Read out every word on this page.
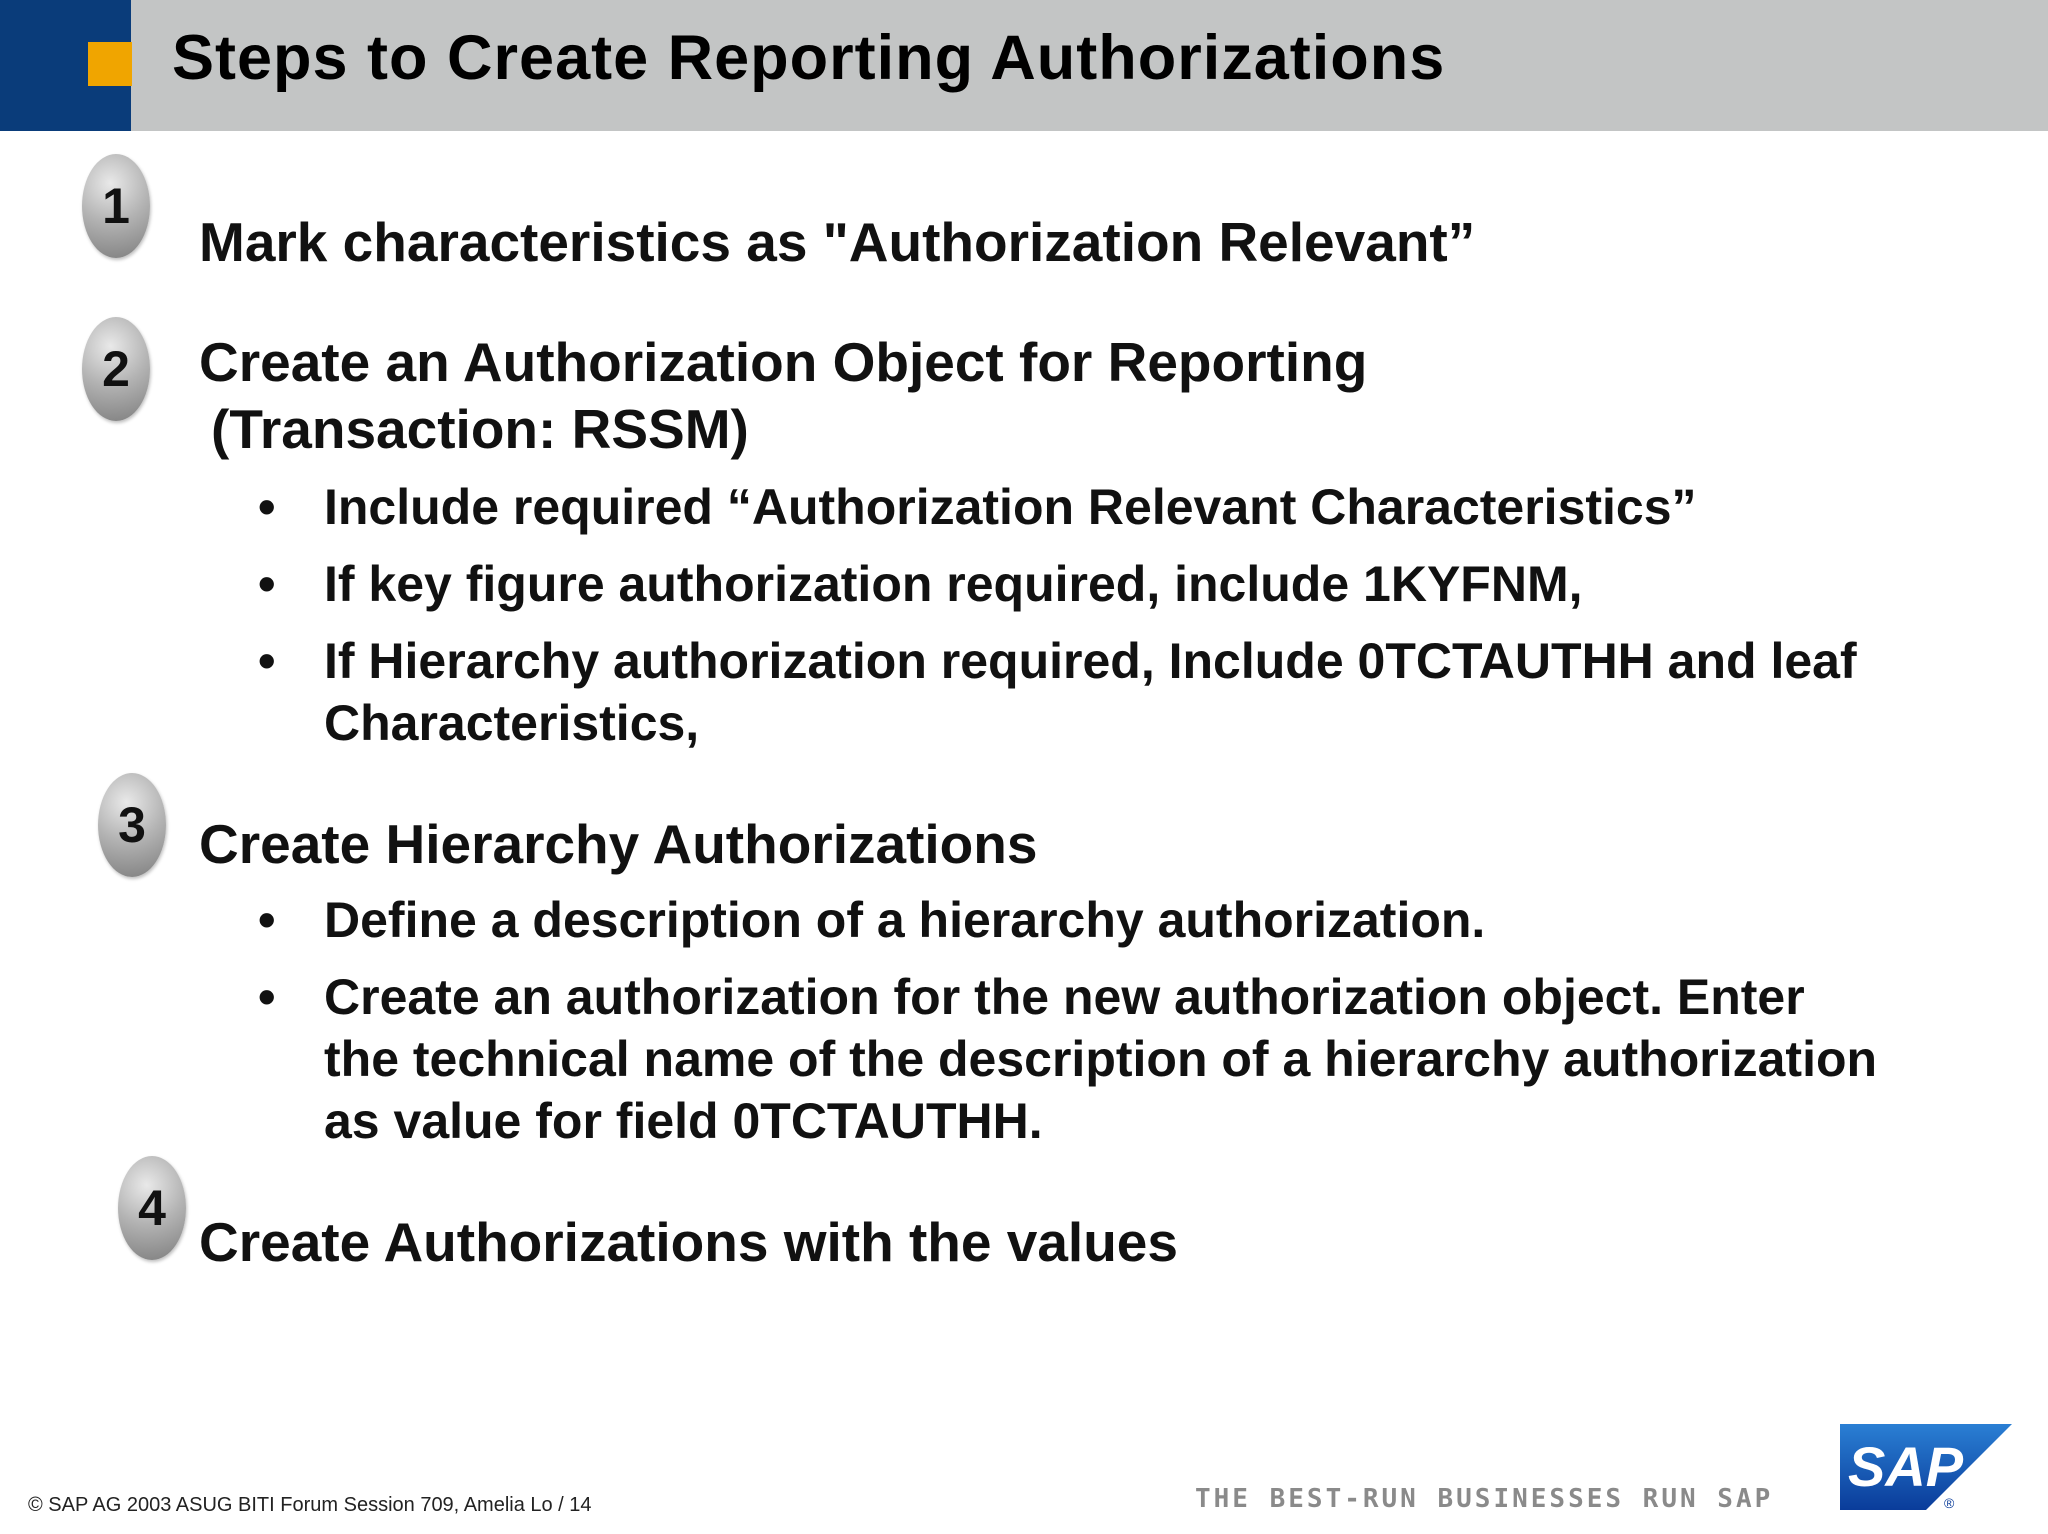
Steps to Create Reporting Authorizations
1
Mark characteristics as "Authorization Relevant”
2	Create an Authorization Object for Reporting
(Transaction: RSSM)
• Include required “Authorization Relevant Characteristics”
• If key figure authorization required, include 1KYFNM,
• If Hierarchy authorization required, Include 0TCTAUTHH and leaf Characteristics,
3 Create Hierarchy Authorizations
• Define a description of a hierarchy authorization.
• Create an authorization for the new authorization object. Enter the technical name of the description of a hierarchy authorization as value for field 0TCTAUTHH.
4
Create Authorizations with the values
© SAP AG 2003 ASUG BITI Forum Session 709, Amelia Lo / 14	THE BEST-RUN BUSINESSES RUN SAP
SAP
®
